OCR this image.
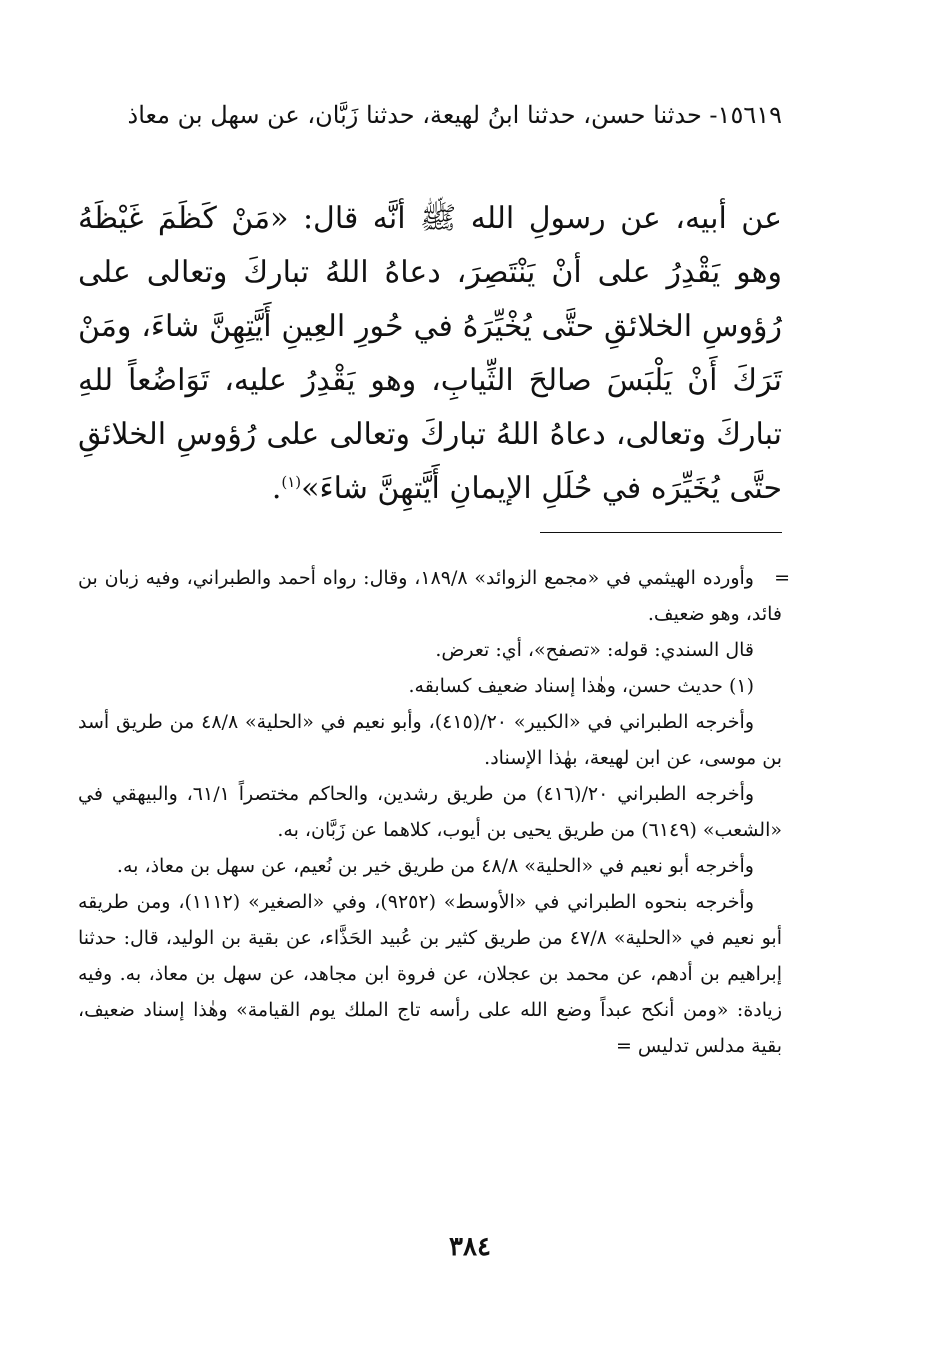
١٥٦١٩- حدثنا حسن، حدثنا ابنُ لهيعة، حدثنا زَبَّان، عن سهل بن معاذ

عن أبيه، عن رسولِ الله ﷺ أنَّه قال: «مَنْ كَظَمَ غَيْظَهُ وهو يَقْدِرُ على أنْ يَنْتَصِرَ، دعاهُ اللهُ تباركَ وتعالى على رُؤوسِ الخلائقِ حتَّى يُخْيِّرَهُ في حُورِ العِينِ أَيَّتِهِنَّ شاءَ، ومَنْ تَرَكَ أَنْ يَلْبَسَ صالحَ الثِّيابِ، وهو يَقْدِرُ عليه، تَوَاضُعاً للهِ تباركَ وتعالى، دعاهُ اللهُ تباركَ وتعالى على رُؤوسِ الخلائقِ حتَّى يُخَيِّرَه في حُلَلِ الإيمانِ أَيَّتهِنَّ شاءَ»$^{(١)}$.

=

وأورده الهيثمي في «مجمع الزوائد» ١٨٩/٨، وقال: رواه أحمد والطبراني، وفيه زبان بن فائد، وهو ضعيف.

قال السندي: قوله: «تصفح»، أي: تعرض.

(١) حديث حسن، وهٰذا إسناد ضعيف كسابقه.

وأخرجه الطبراني في «الكبير» ٢٠/(٤١٥)، وأبو نعيم في «الحلية» ٤٨/٨ من طريق أسد بن موسى، عن ابن لهيعة، بهٰذا الإسناد.

وأخرجه الطبراني ٢٠/(٤١٦) من طريق رشدين، والحاكم مختصراً ٦١/١، والبيهقي في «الشعب» (٦١٤٩) من طريق يحيى بن أيوب، كلاهما عن زَبَّان، به.

وأخرجه أبو نعيم في «الحلية» ٤٨/٨ من طريق خير بن نُعيم، عن سهل بن معاذ، به.

وأخرجه بنحوه الطبراني في «الأوسط» (٩٢٥٢)، وفي «الصغير» (١١١٢)، ومن طريقه أبو نعيم في «الحلية» ٤٧/٨ من طريق كثير بن عُبيد الحَذَّاء، عن بقية بن الوليد، قال: حدثنا إبراهيم بن أدهم، عن محمد بن عجلان، عن فروة ابن مجاهد، عن سهل بن معاذ، به. وفيه زيادة: «ومن أنكح عبداً وضع الله على رأسه تاج الملك يوم القيامة» وهٰذا إسناد ضعيف، بقية مدلس تدليس =

٣٨٤
